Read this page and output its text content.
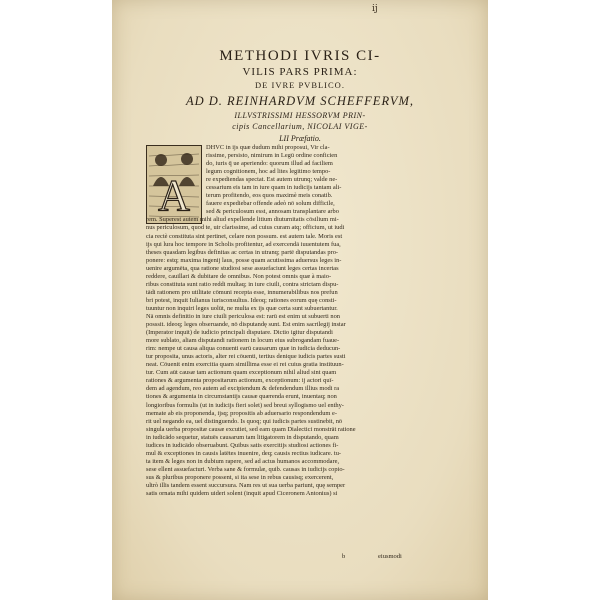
ij
METHODI IVRIS CI-
VILIS PARS PRIMA:
DE IVRE PVBLICO.
AD D. REINHARDVM SCHEFFERVM,
ILLVSTRISSIMI HESSORVM PRIN-
cipis Cancellarium, NICOLAI VIGE-
LII Præfatio.
A
DHVC in ijs quæ dudum mihi proposui, Vir cla-
rissime, persisto, nimirum in Legū ordine conficien
do, iuris q̄ ue aperiendo: quorum illud ad faciliem
legum cognitionem, hoc ad lites legitimo tempo-
re expediendas spectat. Est autem utrunq; valde ne-
cessarium eis tam in iure quam in iudicijs tantam ali-
terum profitendo, eos quos maximè meis conatib.
fauere expediebar offende adeò nō solum difficile,
sed & periculosum esst, annosam transplantare arbo
rem. Superest autem mihi aliud expellende litium diuturnitatis cōsilium mi-
nus periculosum, quod te, uir clarissime, ad cuius curam atq; officium, ut iudi
cia rectè constituta sint pertinet, celare non possum. est autem tale. Moris est
ijs qui lura hoc tempore in Scholis profitentur, ad exercendā iuuentutem fua,
theses quasdam legibus definitas ac certas in utranq; partē disputandas pro-
ponere: estq; maxima ingenij laus, posse quam acutissima aduersus leges in-
uenire argumēta, qua ratione studiosi sese assuefaciunt leges certas incertas
reddere, cauillari & dubitare de omnibus. Non potest omnis quæ à maio-
ribus constituta sunt ratio reddi multaq; in iure ciuili, contra strictam dispu-
tādi rationem pro utilitate cōmuni recepta esse, innumerabilibus nos prefun
bri potest, inquit Iulianus iurisconsultus. Ideoq; rationes eorum quę consti-
tuuntur non inquiri leges uolūt, ne multa ex ijs quæ certa sunt subuertantur.
Nā omnis definitio in iure ciuili periculosa est: rarū est enim ut subuerti non
posssit. ideoq; leges obseruande, nō disputandę sunt. Est enim sacrilegij instar
(Imperator inquit) de iudicio principali disputare. Dictio igitur disputandi
more sublato, aliam disputandi rationem in locum eius subrogandam fuaue-
rim: nempe ut causa aliqua conuenti earū causarum quæ in iudicia deducun-
tur proposita, unus actoris, alter rei cōuenti, tertius denique iudicis partes susti
neat. Cōuenit enim exercitia quam simillima esse ei rei cuius gratia instituun-
tur. Cum aūt causæ tam actionum quam exceptionum nihil aliud sint quam
rationes & argumenta propositarum actionum, exceptionum: ij actori quī-
dem ad agendum, reo autem ad excipiendum & defendendum illius modi ra
tiones & argumenta in circumstantijs causæ quærenda erunt, inuentaq; non
longioribus formulis (ut in iudicijs fieri solet) sed breui syllogismo uel enthy-
memate ab eis proponenda, ijsq; propositis ab aduersario respondendum e-
rit uel negando ea, uel distinguendo. Is quoq; qui iudicis partes sustinebit, nō
singula uerba propositæ causæ excutiet, sed eam quam Dialectici monstrāt ratione
in iudicādo sequetur, statuēs causarum tam litigatorem in disputando, quam
iudices in iudicādo obseruabunt. Quibus satis exercitijs studiosi actiones fi-
mul & exceptiones in causis latētes inuenire, deq; causis rectius iudicare. tu-
ta item & leges non in dubium rapere, sed ad actus humanos accommodare,
sese ellent assuefacturi. Verba sane & formulæ, quib. causas in iudicijs copio-
sus & pluribus proponere possent, si ita sese in rebus causisq; exercerent,
ultrò illis tandem essent succursura. Nam res ut sua uerba pariunt, quę semper
satis ornata mihi quidem uideri solent (inquit apud Ciceronem Antonius) si
b	eiusmodi
